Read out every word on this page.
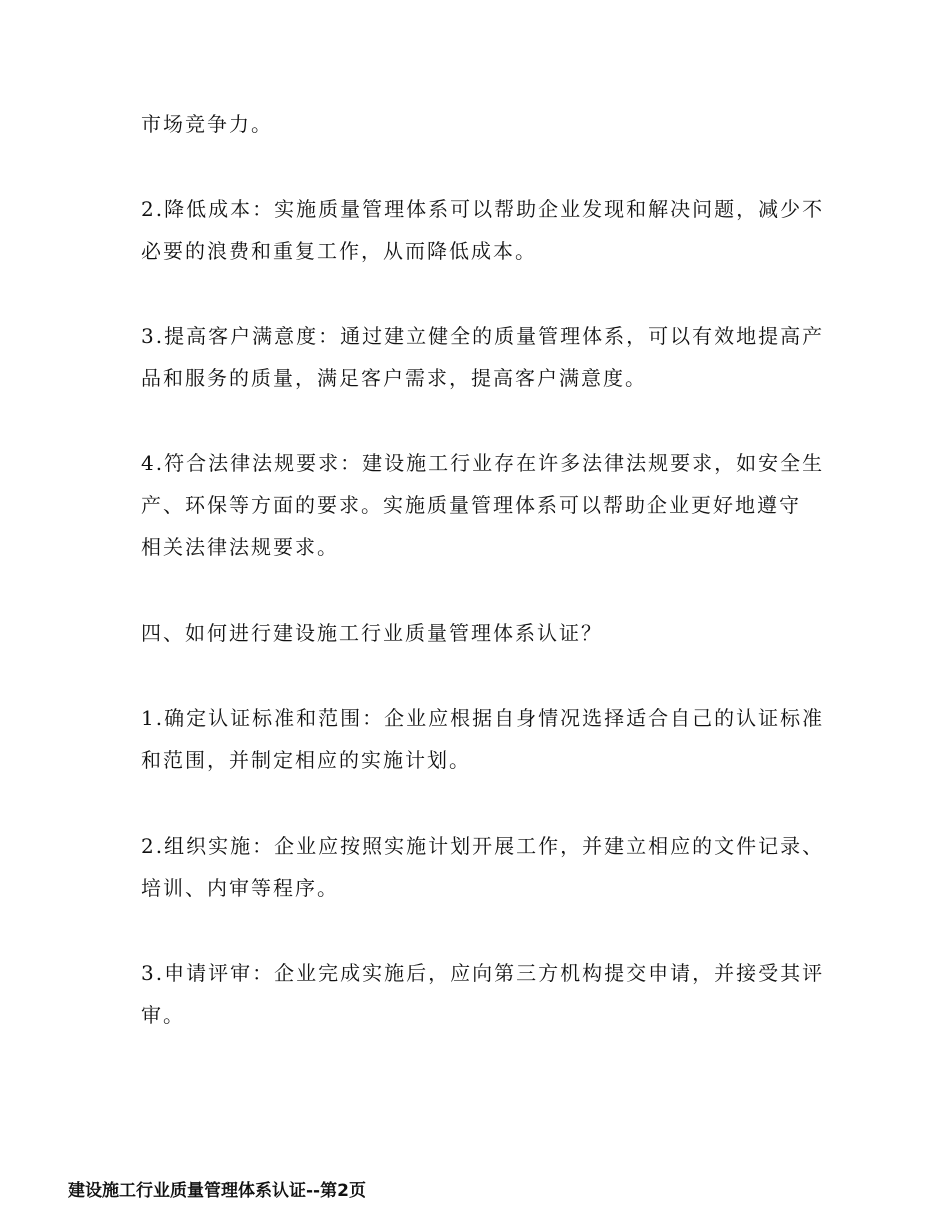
市场竞争力。
2.降低成本：实施质量管理体系可以帮助企业发现和解决问题，减少不
必要的浪费和重复工作，从而降低成本。
3.提高客户满意度：通过建立健全的质量管理体系，可以有效地提高产
品和服务的质量，满足客户需求，提高客户满意度。
4.符合法律法规要求：建设施工行业存在许多法律法规要求，如安全生
产、环保等方面的要求。实施质量管理体系可以帮助企业更好地遵守
相关法律法规要求。
四、如何进行建设施工行业质量管理体系认证？
1.确定认证标准和范围：企业应根据自身情况选择适合自己的认证标准
和范围，并制定相应的实施计划。
2.组织实施：企业应按照实施计划开展工作，并建立相应的文件记录、
培训、内审等程序。
3.申请评审：企业完成实施后，应向第三方机构提交申请，并接受其评
审。
建设施工行业质量管理体系认证--第2页
